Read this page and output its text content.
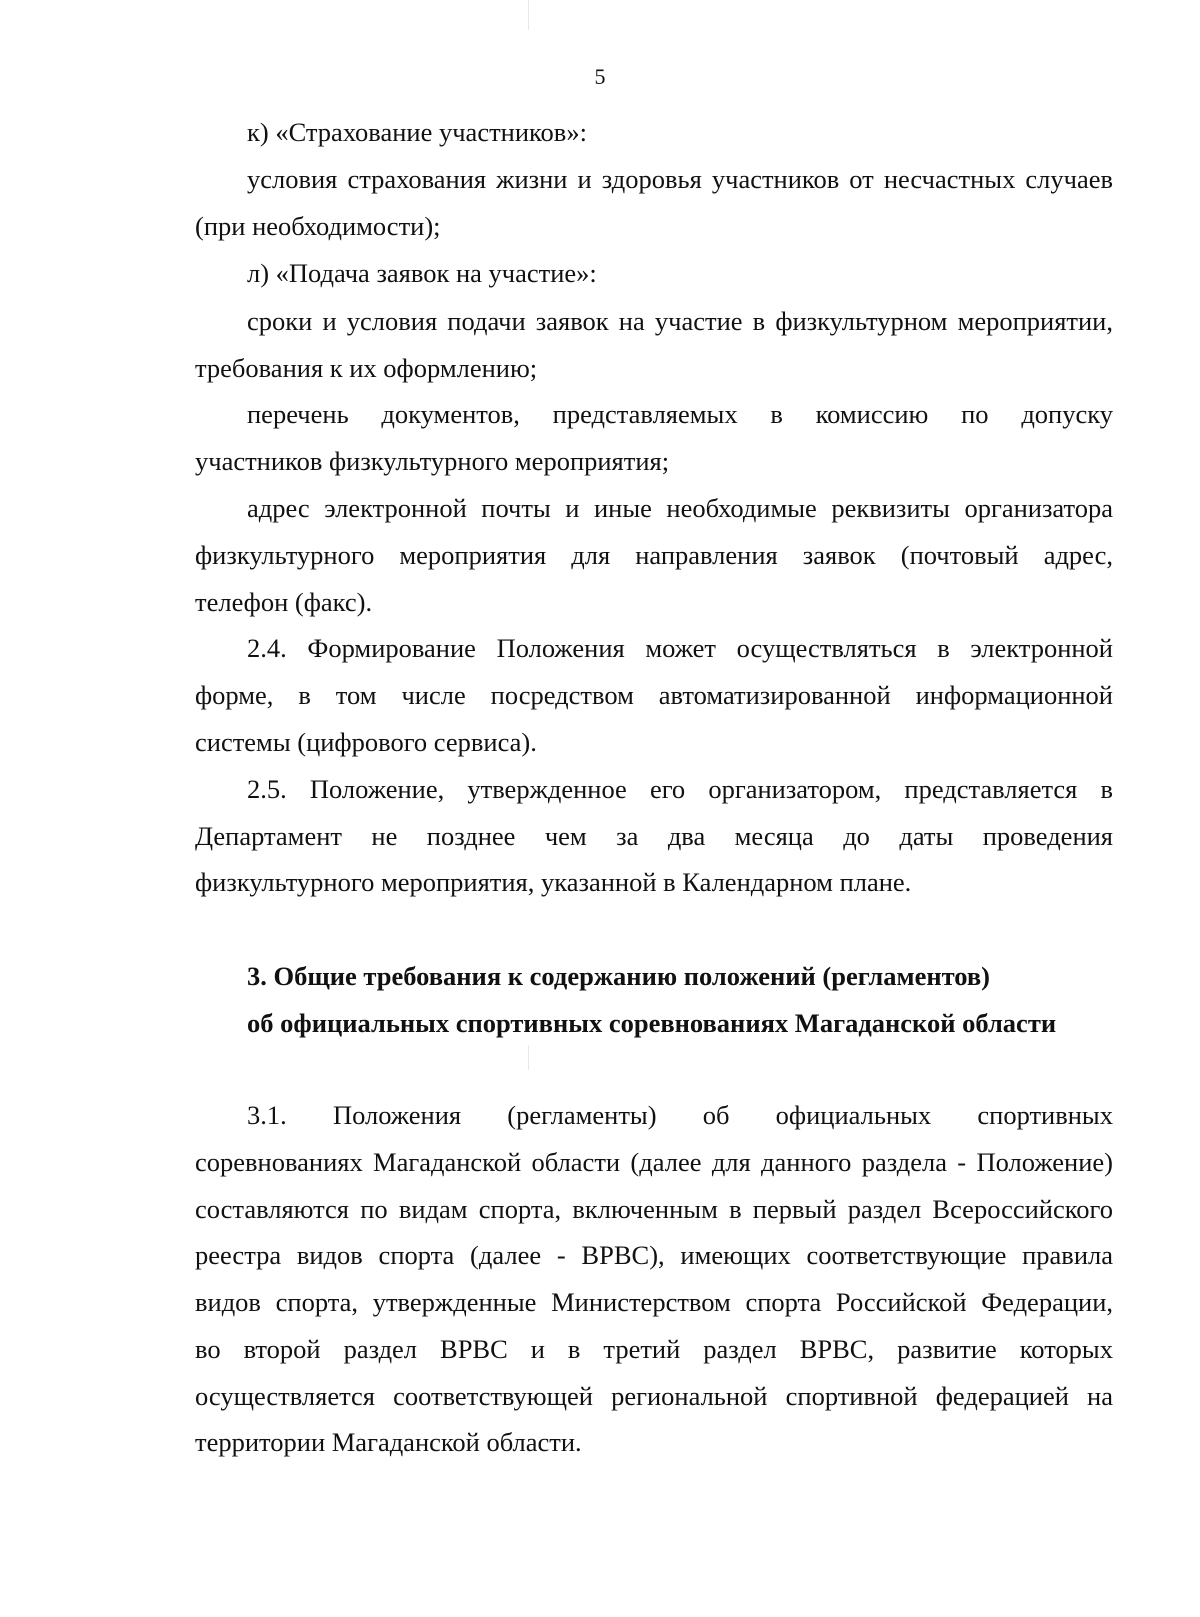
5
к) «Страхование участников»:
условия страхования жизни и здоровья участников от несчастных случаев
(при необходимости);
л) «Подача заявок на участие»:
сроки и условия подачи заявок на участие в физкультурном мероприятии,
требования к их оформлению;
перечень документов, представляемых в комиссию по допуску
участников физкультурного мероприятия;
адрес электронной почты и иные необходимые реквизиты организатора
физкультурного мероприятия для направления заявок (почтовый адрес,
телефон (факс).
2.4. Формирование Положения может осуществляться в электронной
форме, в том числе посредством автоматизированной информационной
системы (цифрового сервиса).
2.5. Положение, утвержденное его организатором, представляется в
Департамент не позднее чем за два месяца до даты проведения
физкультурного мероприятия, указанной в Календарном плане.
3. Общие требования к содержанию положений (регламентов)
об официальных спортивных соревнованиях Магаданской области
3.1. Положения (регламенты) об официальных спортивных
соревнованиях Магаданской области (далее для данного раздела - Положение)
составляются по видам спорта, включенным в первый раздел Всероссийского
реестра видов спорта (далее - ВРВС), имеющих соответствующие правила
видов спорта, утвержденные Министерством спорта Российской Федерации,
во второй раздел ВРВС и в третий раздел ВРВС, развитие которых
осуществляется соответствующей региональной спортивной федерацией на
территории Магаданской области.
